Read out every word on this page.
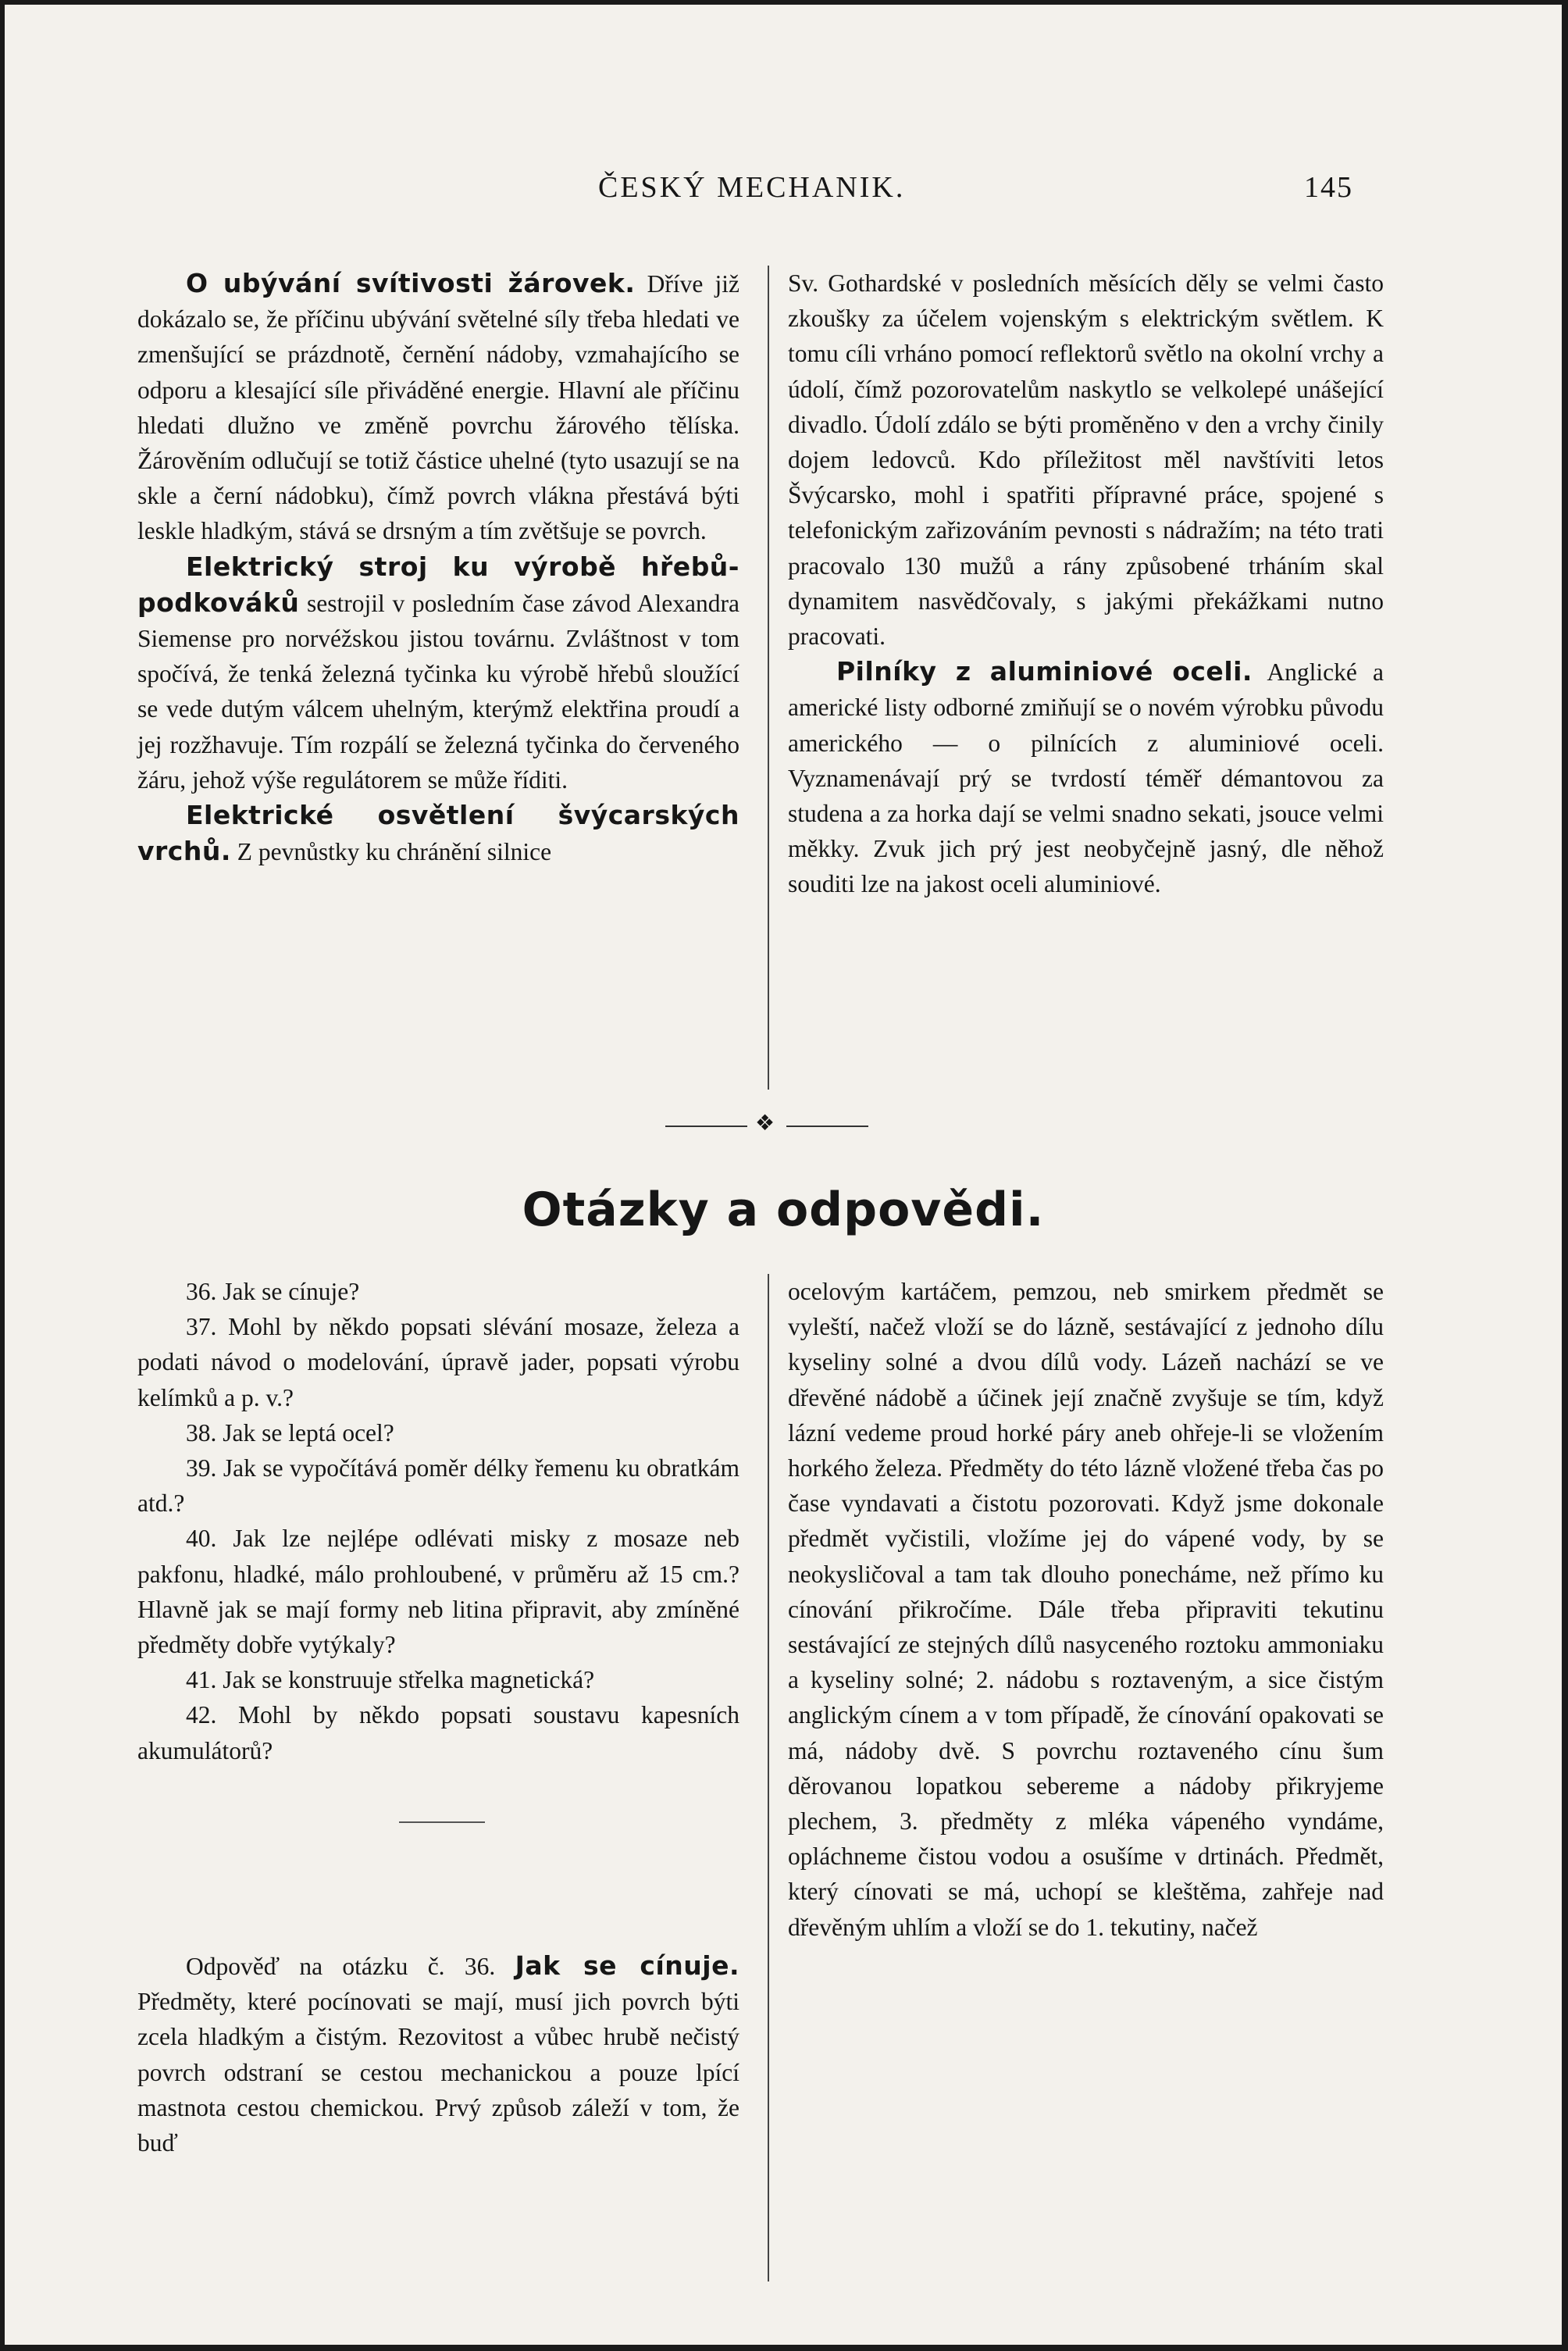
ČESKÝ MECHANIK.	145

O ubývání svítivosti žárovek. Dříve již dokázalo se, že příčinu ubývání světelné síly třeba hledati ve zmenšující se prázdnotě, černění nádoby, vzmahajícího se odporu a klesající síle přiváděné energie. Hlavní ale příčinu hledati dlužno ve změně povrchu žárového tělíska. Žárověním odlučují se totiž částice uhelné (tyto usazují se na skle a černí nádobku), čímž povrch vlákna přestává býti leskle hladkým, stává se drsným a tím zvětšuje se povrch.

Elektrický stroj ku výrobě hřebů-podkováků sestrojil v posledním čase závod Alexandra Siemense pro norvéžskou jistou továrnu. Zvláštnost v tom spočívá, že tenká železná tyčinka ku výrobě hřebů sloužící se vede dutým válcem uhelným, kterýmž elektřina proudí a jej rozžhavuje. Tím rozpálí se železná tyčinka do červeného žáru, jehož výše regulátorem se může říditi.

Elektrické osvětlení švýcarských vrchů. Z pevnůstky ku chránění silnice

Sv. Gothardské v posledních měsících děly se velmi často zkoušky za účelem vojenským s elektrickým světlem. K tomu cíli vrháno pomocí reflektorů světlo na okolní vrchy a údolí, čímž pozorovatelům naskytlo se velkolepé unášející divadlo. Údolí zdálo se býti proměněno v den a vrchy činily dojem ledovců. Kdo příležitost měl navštíviti letos Švýcarsko, mohl i spatřiti přípravné práce, spojené s telefonickým zařizováním pevnosti s nádražím; na této trati pracovalo 130 mužů a rány způsobené trháním skal dynamitem nasvědčovaly, s jakými překážkami nutno pracovati.

Pilníky z aluminiové oceli. Anglické a americké listy odborné zmiňují se o novém výrobku původu amerického — o pilnících z aluminiové oceli. Vyznamenávají prý se tvrdostí téměř démantovou za studena a za horka dají se velmi snadno sekati, jsouce velmi měkky. Zvuk jich prý jest neobyčejně jasný, dle něhož souditi lze na jakost oceli aluminiové.

❖
Otázky a odpovědi.

36. Jak se cínuje?

37. Mohl by někdo popsati slévání mosaze, železa a podati návod o modelování, úpravě jader, popsati výrobu kelímků a p. v.?

38. Jak se leptá ocel?

39. Jak se vypočítává poměr délky řemenu ku obratkám atd.?

40. Jak lze nejlépe odlévati misky z mosaze neb pakfonu, hladké, málo prohloubené, v průměru až 15 cm.? Hlavně jak se mají formy neb litina připravit, aby zmíněné předměty dobře vytýkaly?

41. Jak se konstruuje střelka magnetická?

42. Mohl by někdo popsati soustavu kapesních akumulátorů?

Odpověď na otázku č. 36. Jak se cínuje. Předměty, které pocínovati se mají, musí jich povrch býti zcela hladkým a čistým. Rezovitost a vůbec hrubě nečistý povrch odstraní se cestou mechanickou a pouze lpící mastnota cestou chemickou. Prvý způsob záleží v tom, že buď

ocelovým kartáčem, pemzou, neb smirkem předmět se vyleští, načež vloží se do lázně, sestávající z jednoho dílu kyseliny solné a dvou dílů vody. Lázeň nachází se ve dřevěné nádobě a účinek její značně zvyšuje se tím, když lázní vedeme proud horké páry aneb ohřeje-li se vložením horkého železa. Předměty do této lázně vložené třeba čas po čase vyndavati a čistotu pozorovati. Když jsme dokonale předmět vyčistili, vložíme jej do vápené vody, by se neokysličoval a tam tak dlouho ponecháme, než přímo ku cínování přikročíme. Dále třeba připraviti tekutinu sestávající ze stejných dílů nasyceného roztoku ammoniaku a kyseliny solné; 2. nádobu s roztaveným, a sice čistým anglickým cínem a v tom případě, že cínování opakovati se má, nádoby dvě. S povrchu roztaveného cínu šum děrovanou lopatkou sebereme a nádoby přikryjeme plechem, 3. předměty z mléka vápeného vyndáme, opláchneme čistou vodou a osušíme v drtinách. Předmět, který cínovati se má, uchopí se kleštěma, zahřeje nad dřevěným uhlím a vloží se do 1. tekutiny, načež
